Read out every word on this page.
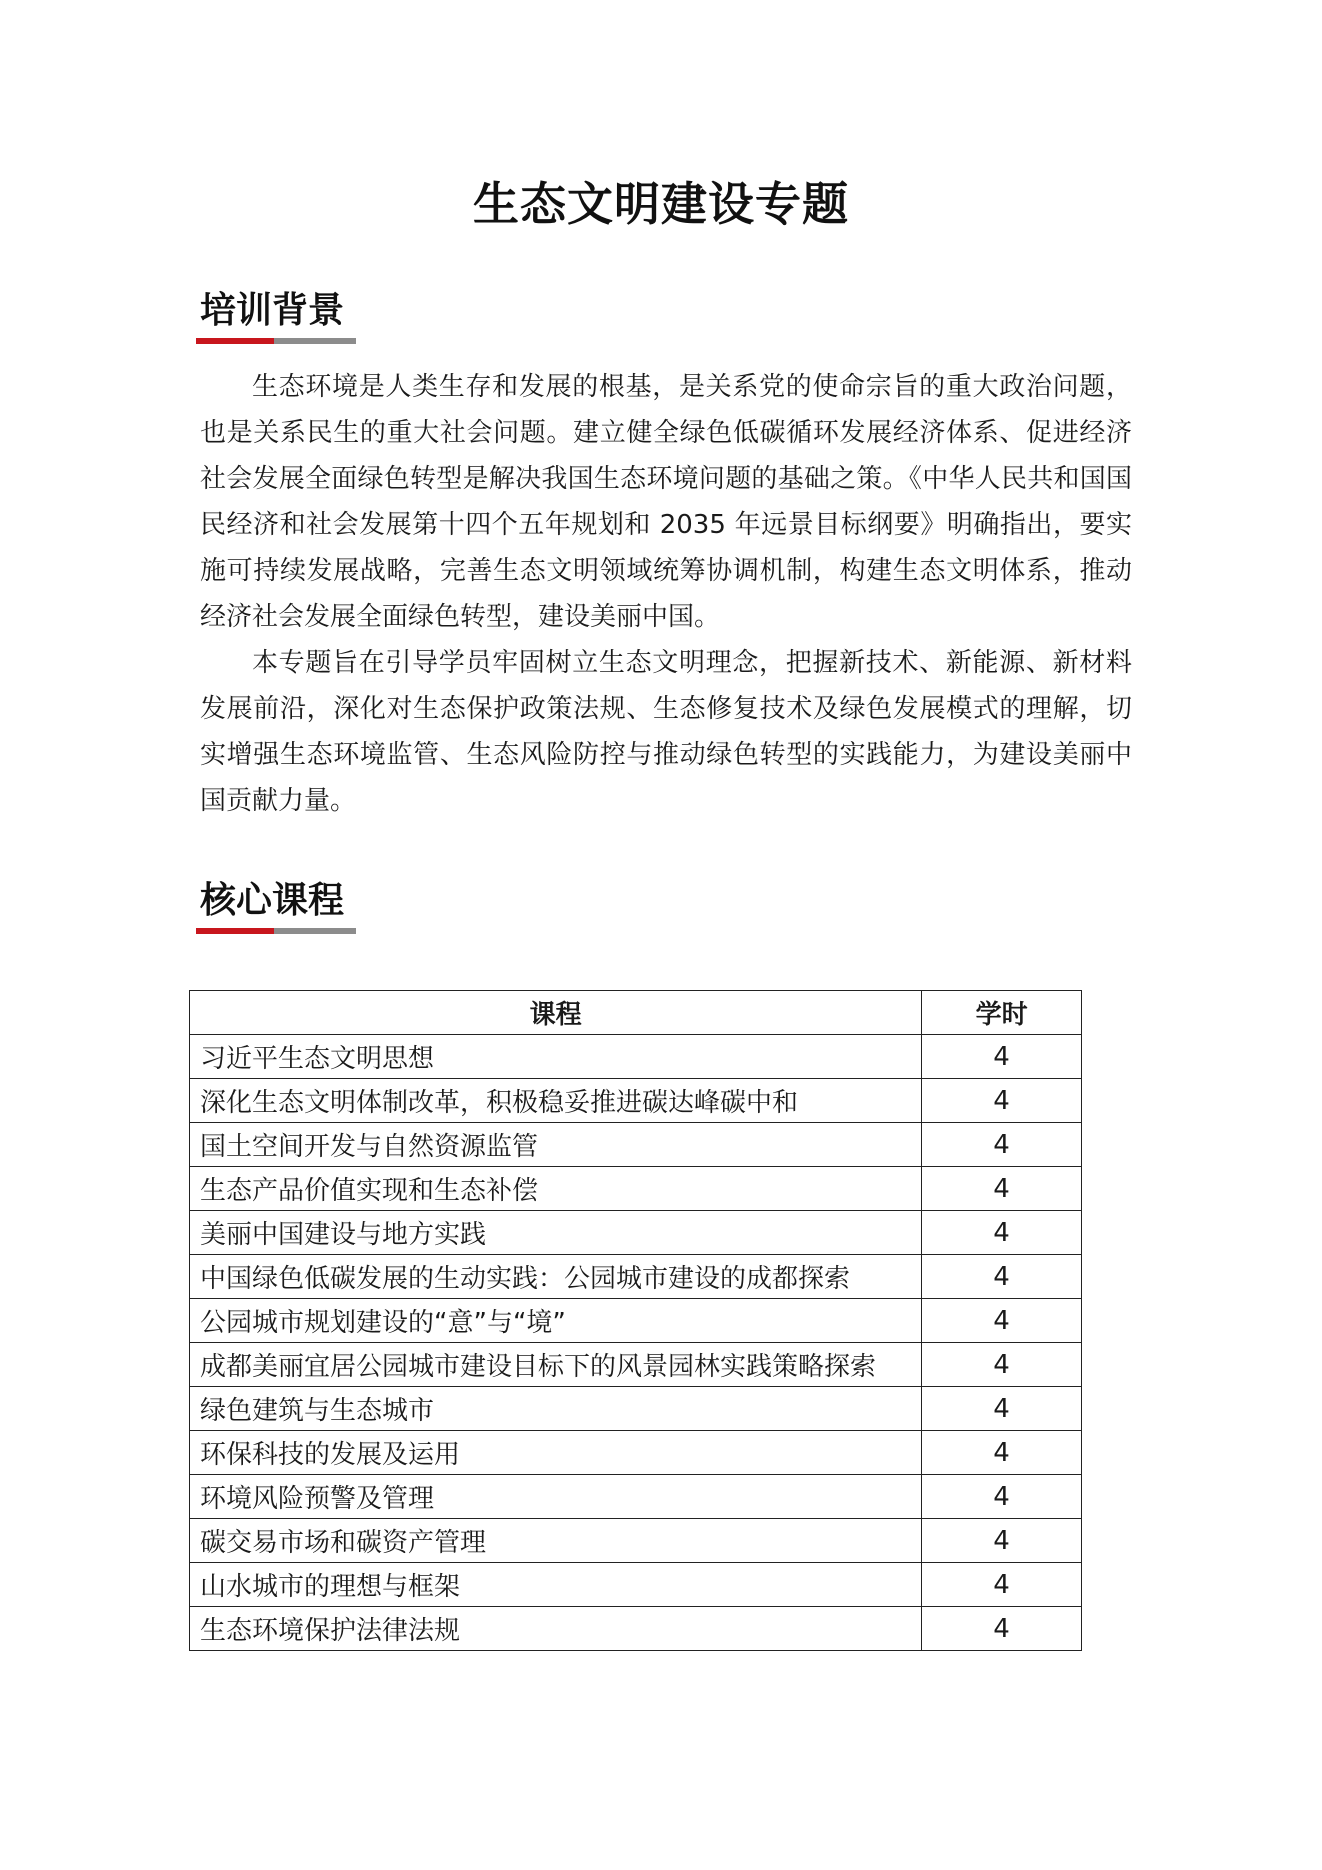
生态文明建设专题
培训背景

生态环境是人类生存和发展的根基，是关系党的使命宗旨的重大政治问题，也是关系民生的重大社会问题。建立健全绿色低碳循环发展经济体系、促进经济社会发展全面绿色转型是解决我国生态环境问题的基础之策。《中华人民共和国国民经济和社会发展第十四个五年规划和 2035 年远景目标纲要》明确指出，要实施可持续发展战略，完善生态文明领域统筹协调机制，构建生态文明体系，推动经济社会发展全面绿色转型，建设美丽中国。

本专题旨在引导学员牢固树立生态文明理念，把握新技术、新能源、新材料发展前沿，深化对生态保护政策法规、生态修复技术及绿色发展模式的理解，切实增强生态环境监管、生态风险防控与推动绿色转型的实践能力，为建设美丽中国贡献力量。

核心课程
课程	学时
习近平生态文明思想	4
深化生态文明体制改革，积极稳妥推进碳达峰碳中和	4
国土空间开发与自然资源监管	4
生态产品价值实现和生态补偿	4
美丽中国建设与地方实践	4
中国绿色低碳发展的生动实践：公园城市建设的成都探索	4
公园城市规划建设的“意”与“境”	4
成都美丽宜居公园城市建设目标下的风景园林实践策略探索	4
绿色建筑与生态城市	4
环保科技的发展及运用	4
环境风险预警及管理	4
碳交易市场和碳资产管理	4
山水城市的理想与框架	4
生态环境保护法律法规	4
